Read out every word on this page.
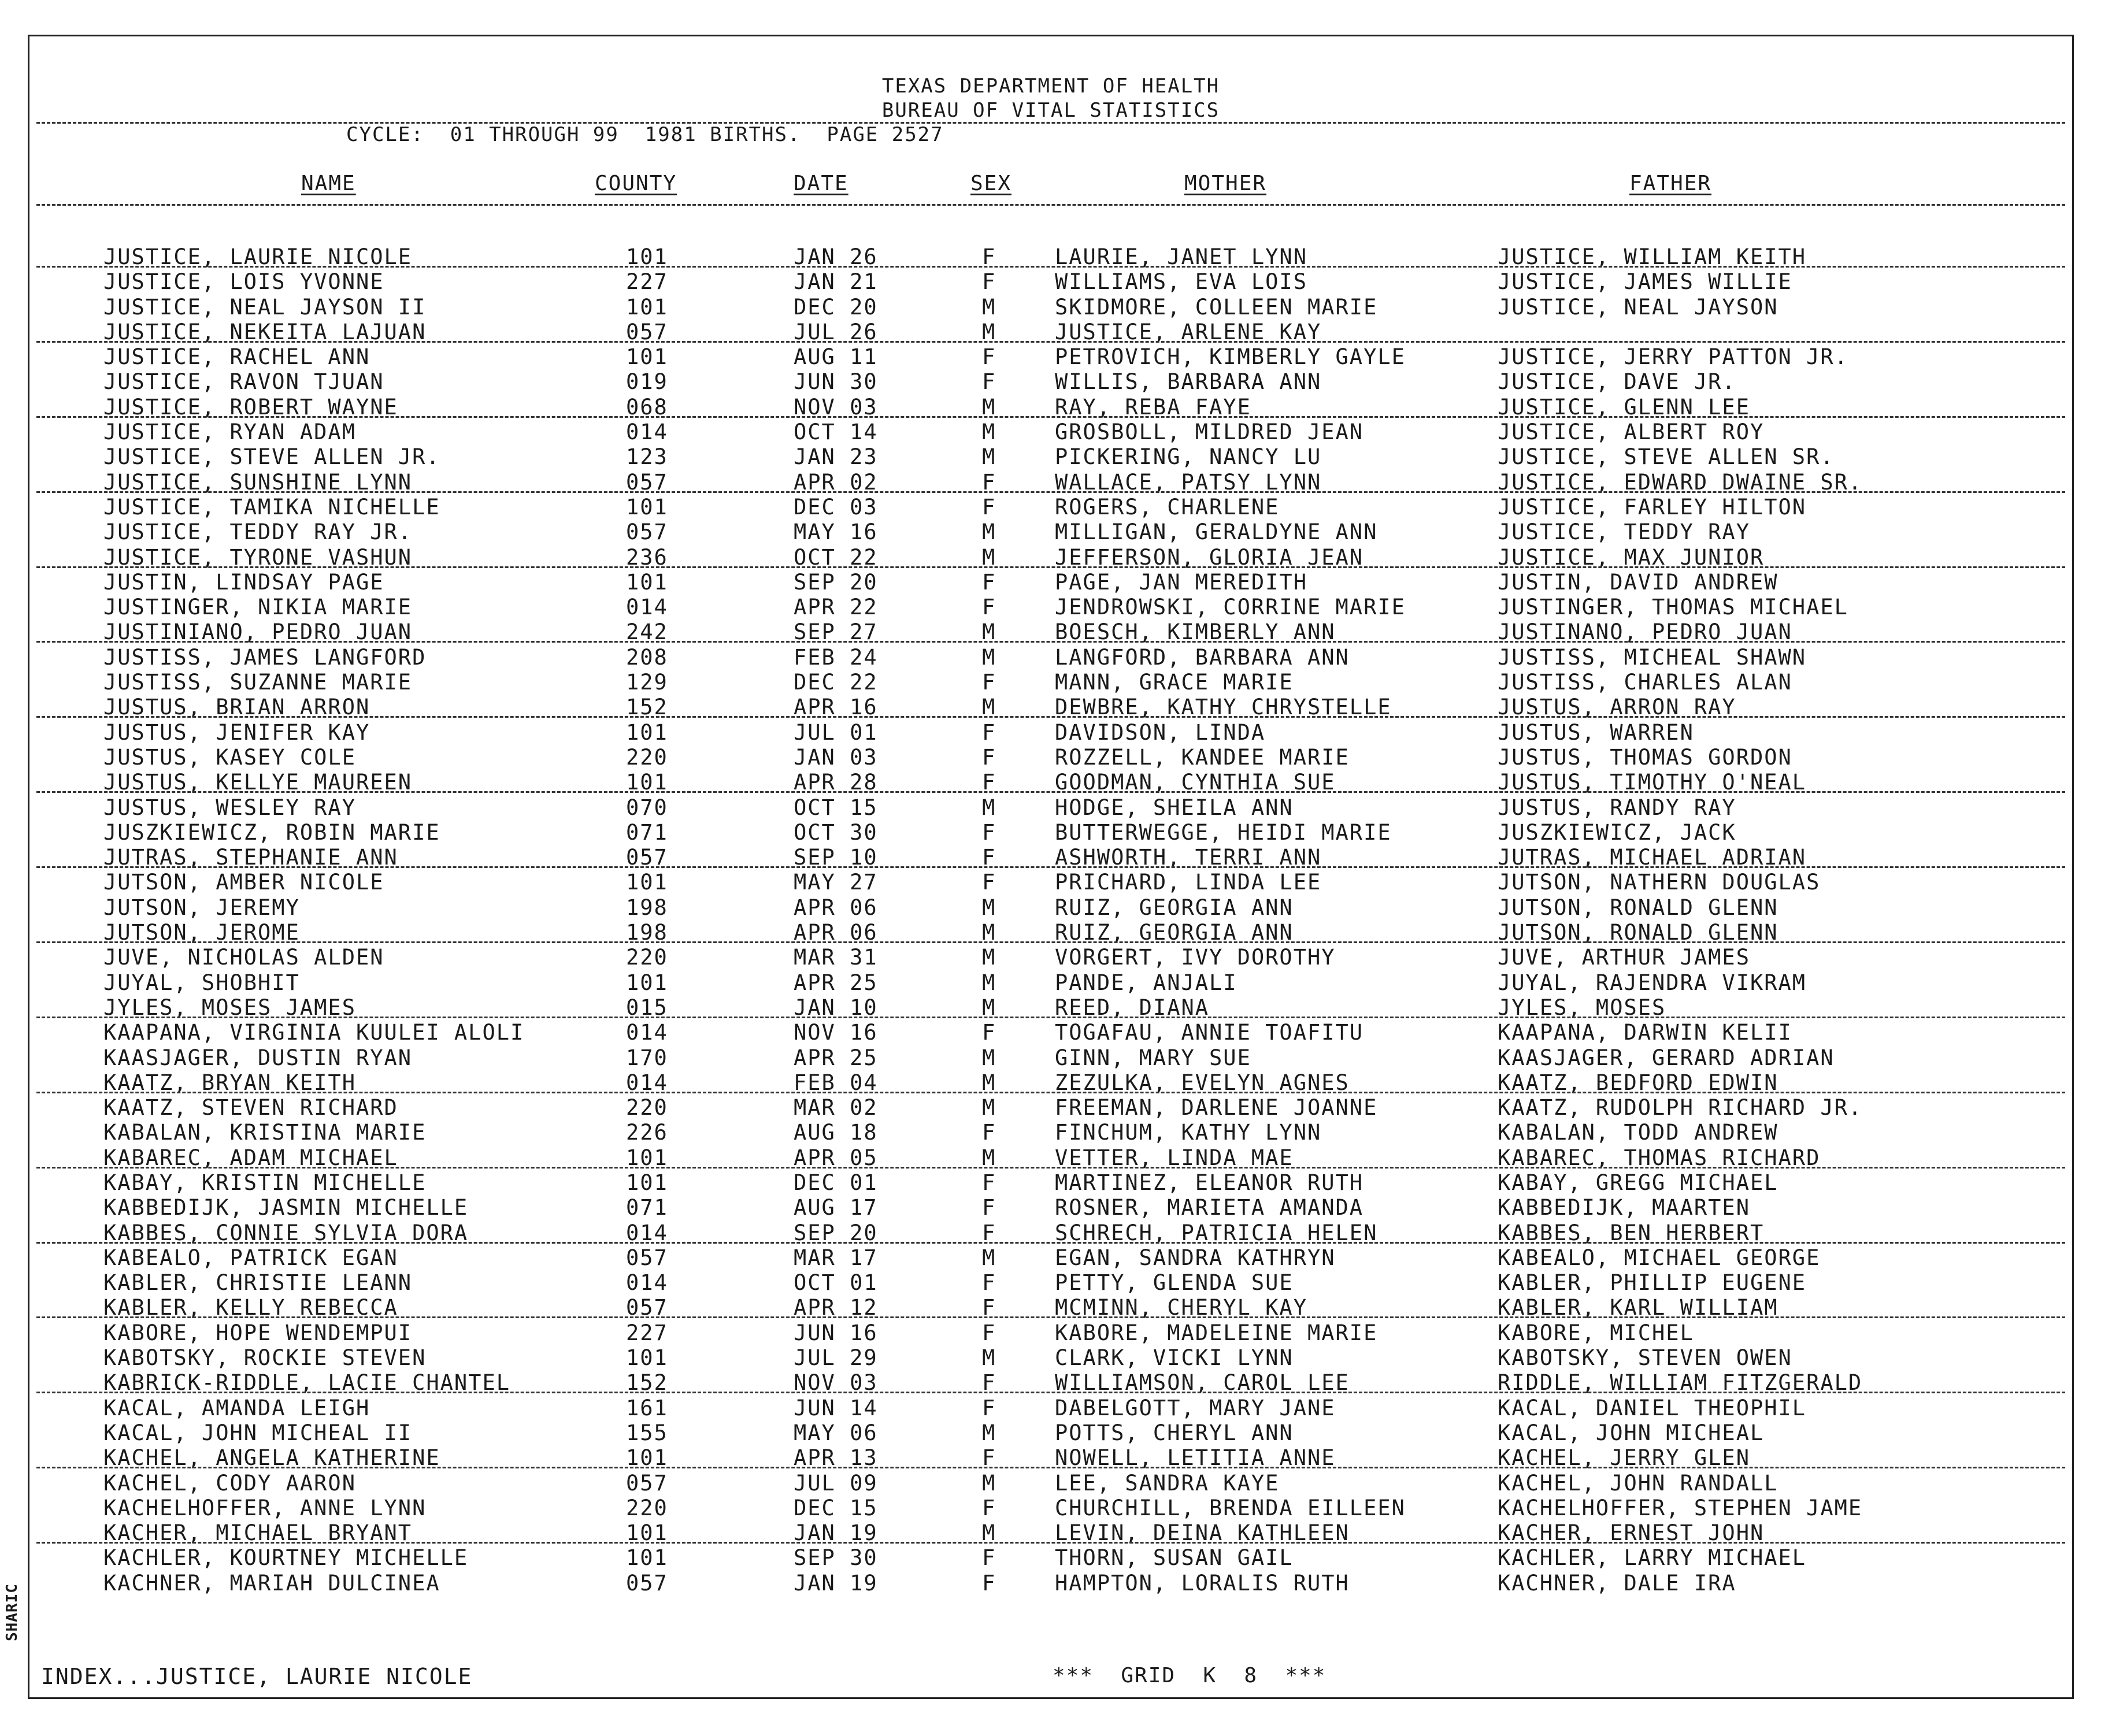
SHARIC
TEXAS DEPARTMENT OF HEALTH
BUREAU OF VITAL STATISTICS
CYCLE:  01 THROUGH 99  1981 BIRTHS.  PAGE 2527
NAME	COUNTY	DATE	SEX	MOTHER	FATHER
JUSTICE, LAURIE NICOLE	101	JAN 26	F	LAURIE, JANET LYNN	JUSTICE, WILLIAM KEITH
JUSTICE, LOIS YVONNE	227	JAN 21	F	WILLIAMS, EVA LOIS	JUSTICE, JAMES WILLIE
JUSTICE, NEAL JAYSON II	101	DEC 20	M	SKIDMORE, COLLEEN MARIE	JUSTICE, NEAL JAYSON
JUSTICE, NEKEITA LAJUAN	057	JUL 26	M	JUSTICE, ARLENE KAY
JUSTICE, RACHEL ANN	101	AUG 11	F	PETROVICH, KIMBERLY GAYLE	JUSTICE, JERRY PATTON JR.
JUSTICE, RAVON TJUAN	019	JUN 30	F	WILLIS, BARBARA ANN	JUSTICE, DAVE JR.
JUSTICE, ROBERT WAYNE	068	NOV 03	M	RAY, REBA FAYE	JUSTICE, GLENN LEE
JUSTICE, RYAN ADAM	014	OCT 14	M	GROSBOLL, MILDRED JEAN	JUSTICE, ALBERT ROY
JUSTICE, STEVE ALLEN JR.	123	JAN 23	M	PICKERING, NANCY LU	JUSTICE, STEVE ALLEN SR.
JUSTICE, SUNSHINE LYNN	057	APR 02	F	WALLACE, PATSY LYNN	JUSTICE, EDWARD DWAINE SR.
JUSTICE, TAMIKA NICHELLE	101	DEC 03	F	ROGERS, CHARLENE	JUSTICE, FARLEY HILTON
JUSTICE, TEDDY RAY JR.	057	MAY 16	M	MILLIGAN, GERALDYNE ANN	JUSTICE, TEDDY RAY
JUSTICE, TYRONE VASHUN	236	OCT 22	M	JEFFERSON, GLORIA JEAN	JUSTICE, MAX JUNIOR
JUSTIN, LINDSAY PAGE	101	SEP 20	F	PAGE, JAN MEREDITH	JUSTIN, DAVID ANDREW
JUSTINGER, NIKIA MARIE	014	APR 22	F	JENDROWSKI, CORRINE MARIE	JUSTINGER, THOMAS MICHAEL
JUSTINIANO, PEDRO JUAN	242	SEP 27	M	BOESCH, KIMBERLY ANN	JUSTINANO, PEDRO JUAN
JUSTISS, JAMES LANGFORD	208	FEB 24	M	LANGFORD, BARBARA ANN	JUSTISS, MICHEAL SHAWN
JUSTISS, SUZANNE MARIE	129	DEC 22	F	MANN, GRACE MARIE	JUSTISS, CHARLES ALAN
JUSTUS, BRIAN ARRON	152	APR 16	M	DEWBRE, KATHY CHRYSTELLE	JUSTUS, ARRON RAY
JUSTUS, JENIFER KAY	101	JUL 01	F	DAVIDSON, LINDA	JUSTUS, WARREN
JUSTUS, KASEY COLE	220	JAN 03	F	ROZZELL, KANDEE MARIE	JUSTUS, THOMAS GORDON
JUSTUS, KELLYE MAUREEN	101	APR 28	F	GOODMAN, CYNTHIA SUE	JUSTUS, TIMOTHY O'NEAL
JUSTUS, WESLEY RAY	070	OCT 15	M	HODGE, SHEILA ANN	JUSTUS, RANDY RAY
JUSZKIEWICZ, ROBIN MARIE	071	OCT 30	F	BUTTERWEGGE, HEIDI MARIE	JUSZKIEWICZ, JACK
JUTRAS, STEPHANIE ANN	057	SEP 10	F	ASHWORTH, TERRI ANN	JUTRAS, MICHAEL ADRIAN
JUTSON, AMBER NICOLE	101	MAY 27	F	PRICHARD, LINDA LEE	JUTSON, NATHERN DOUGLAS
JUTSON, JEREMY	198	APR 06	M	RUIZ, GEORGIA ANN	JUTSON, RONALD GLENN
JUTSON, JEROME	198	APR 06	M	RUIZ, GEORGIA ANN	JUTSON, RONALD GLENN
JUVE, NICHOLAS ALDEN	220	MAR 31	M	VORGERT, IVY DOROTHY	JUVE, ARTHUR JAMES
JUYAL, SHOBHIT	101	APR 25	M	PANDE, ANJALI	JUYAL, RAJENDRA VIKRAM
JYLES, MOSES JAMES	015	JAN 10	M	REED, DIANA	JYLES, MOSES
KAAPANA, VIRGINIA KUULEI ALOLI	014	NOV 16	F	TOGAFAU, ANNIE TOAFITU	KAAPANA, DARWIN KELII
KAASJAGER, DUSTIN RYAN	170	APR 25	M	GINN, MARY SUE	KAASJAGER, GERARD ADRIAN
KAATZ, BRYAN KEITH	014	FEB 04	M	ZEZULKA, EVELYN AGNES	KAATZ, BEDFORD EDWIN
KAATZ, STEVEN RICHARD	220	MAR 02	M	FREEMAN, DARLENE JOANNE	KAATZ, RUDOLPH RICHARD JR.
KABALAN, KRISTINA MARIE	226	AUG 18	F	FINCHUM, KATHY LYNN	KABALAN, TODD ANDREW
KABAREC, ADAM MICHAEL	101	APR 05	M	VETTER, LINDA MAE	KABAREC, THOMAS RICHARD
KABAY, KRISTIN MICHELLE	101	DEC 01	F	MARTINEZ, ELEANOR RUTH	KABAY, GREGG MICHAEL
KABBEDIJK, JASMIN MICHELLE	071	AUG 17	F	ROSNER, MARIETA AMANDA	KABBEDIJK, MAARTEN
KABBES, CONNIE SYLVIA DORA	014	SEP 20	F	SCHRECH, PATRICIA HELEN	KABBES, BEN HERBERT
KABEALO, PATRICK EGAN	057	MAR 17	M	EGAN, SANDRA KATHRYN	KABEALO, MICHAEL GEORGE
KABLER, CHRISTIE LEANN	014	OCT 01	F	PETTY, GLENDA SUE	KABLER, PHILLIP EUGENE
KABLER, KELLY REBECCA	057	APR 12	F	MCMINN, CHERYL KAY	KABLER, KARL WILLIAM
KABORE, HOPE WENDEMPUI	227	JUN 16	F	KABORE, MADELEINE MARIE	KABORE, MICHEL
KABOTSKY, ROCKIE STEVEN	101	JUL 29	M	CLARK, VICKI LYNN	KABOTSKY, STEVEN OWEN
KABRICK-RIDDLE, LACIE CHANTEL	152	NOV 03	F	WILLIAMSON, CAROL LEE	RIDDLE, WILLIAM FITZGERALD
KACAL, AMANDA LEIGH	161	JUN 14	F	DABELGOTT, MARY JANE	KACAL, DANIEL THEOPHIL
KACAL, JOHN MICHEAL II	155	MAY 06	M	POTTS, CHERYL ANN	KACAL, JOHN MICHEAL
KACHEL, ANGELA KATHERINE	101	APR 13	F	NOWELL, LETITIA ANNE	KACHEL, JERRY GLEN
KACHEL, CODY AARON	057	JUL 09	M	LEE, SANDRA KAYE	KACHEL, JOHN RANDALL
KACHELHOFFER, ANNE LYNN	220	DEC 15	F	CHURCHILL, BRENDA EILLEEN	KACHELHOFFER, STEPHEN JAME
KACHER, MICHAEL BRYANT	101	JAN 19	M	LEVIN, DEINA KATHLEEN	KACHER, ERNEST JOHN
KACHLER, KOURTNEY MICHELLE	101	SEP 30	F	THORN, SUSAN GAIL	KACHLER, LARRY MICHAEL
KACHNER, MARIAH DULCINEA	057	JAN 19	F	HAMPTON, LORALIS RUTH	KACHNER, DALE IRA
INDEX...JUSTICE, LAURIE NICOLE	***  GRID  K  8  ***
